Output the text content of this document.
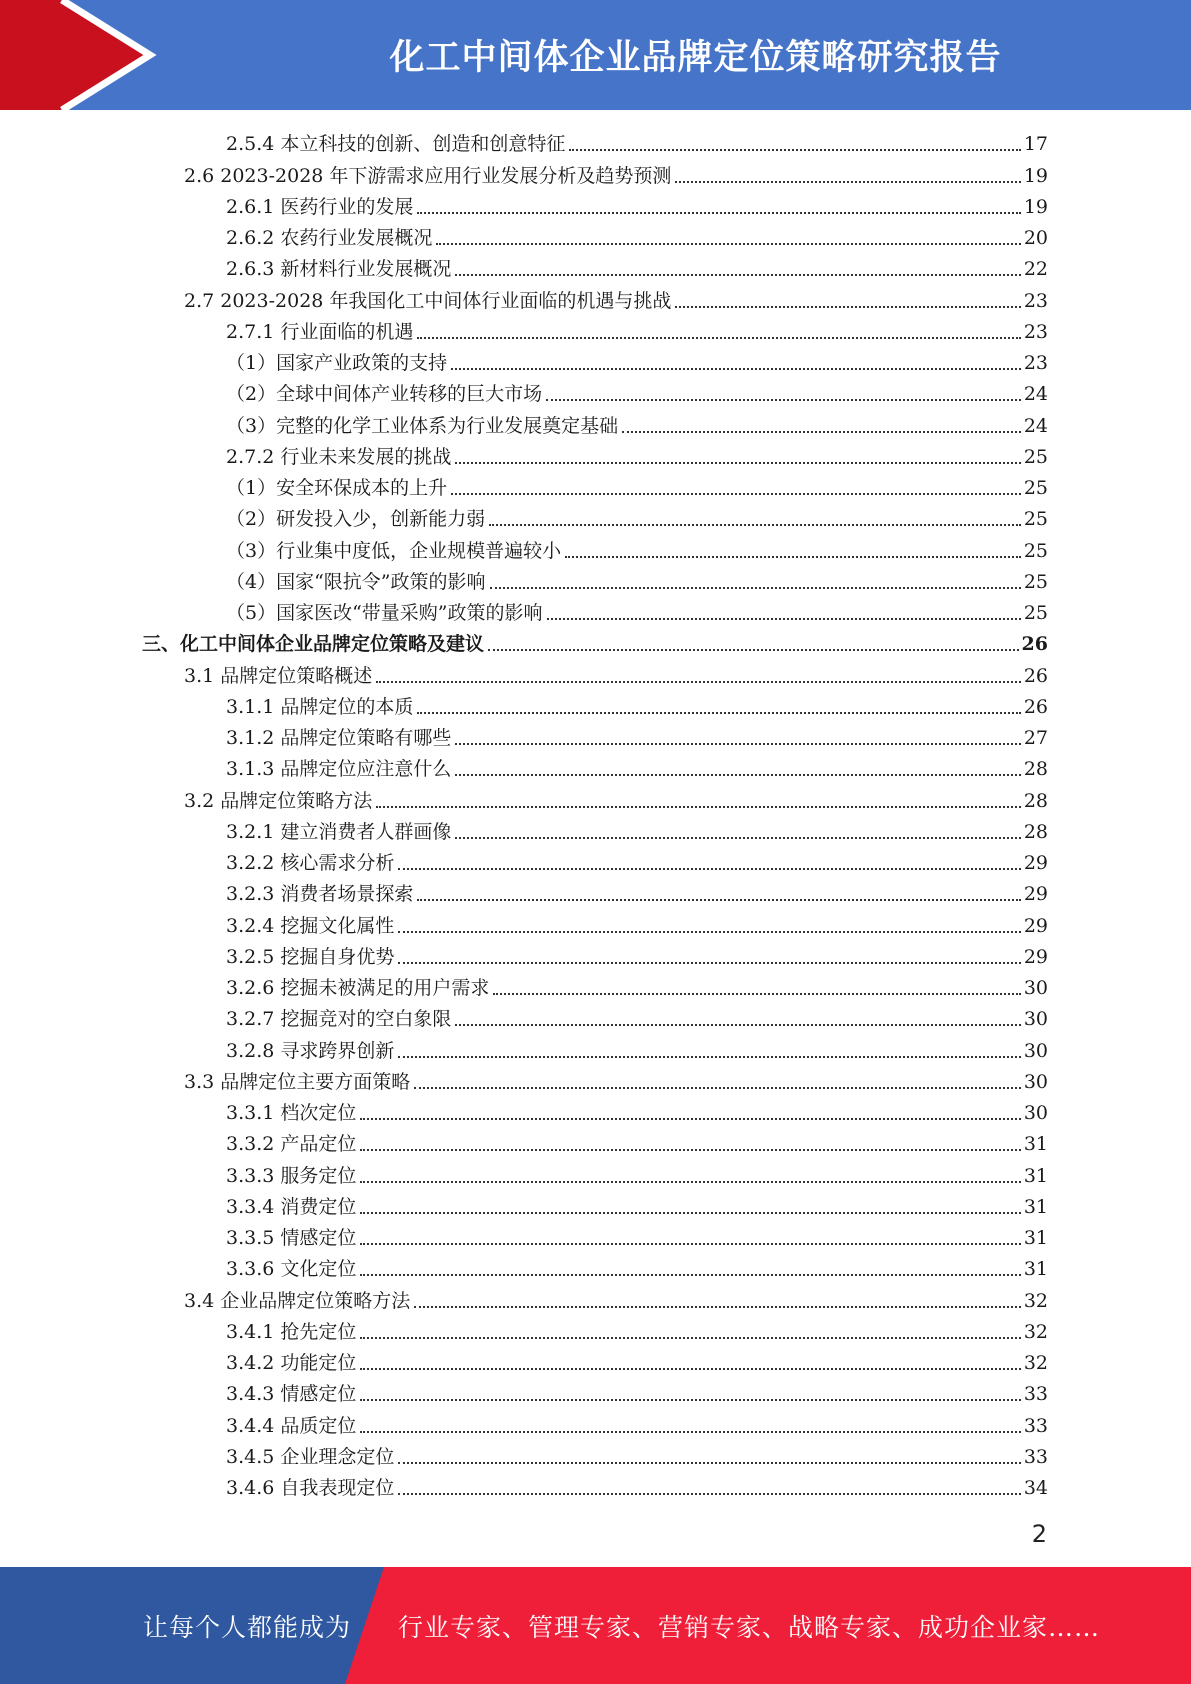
化工中间体企业品牌定位策略研究报告
2.5.4 本立科技的创新、创造和创意特征	17
2.6 2023-2028 年下游需求应用行业发展分析及趋势预测	19
2.6.1 医药行业的发展	19
2.6.2 农药行业发展概况	20
2.6.3 新材料行业发展概况	22
2.7 2023-2028 年我国化工中间体行业面临的机遇与挑战	23
2.7.1 行业面临的机遇	23
（1）国家产业政策的支持	23
（2）全球中间体产业转移的巨大市场	24
（3）完整的化学工业体系为行业发展奠定基础	24
2.7.2 行业未来发展的挑战	25
（1）安全环保成本的上升	25
（2）研发投入少，创新能力弱	25
（3）行业集中度低，企业规模普遍较小	25
（4）国家“限抗令”政策的影响	25
（5）国家医改“带量采购”政策的影响	25
三、化工中间体企业品牌定位策略及建议	26
3.1 品牌定位策略概述	26
3.1.1 品牌定位的本质	26
3.1.2 品牌定位策略有哪些	27
3.1.3 品牌定位应注意什么	28
3.2 品牌定位策略方法	28
3.2.1 建立消费者人群画像	28
3.2.2 核心需求分析	29
3.2.3 消费者场景探索	29
3.2.4 挖掘文化属性	29
3.2.5 挖掘自身优势	29
3.2.6 挖掘未被满足的用户需求	30
3.2.7 挖掘竞对的空白象限	30
3.2.8 寻求跨界创新	30
3.3 品牌定位主要方面策略	30
3.3.1 档次定位	30
3.3.2 产品定位	31
3.3.3 服务定位	31
3.3.4 消费定位	31
3.3.5 情感定位	31
3.3.6 文化定位	31
3.4 企业品牌定位策略方法	32
3.4.1 抢先定位	32
3.4.2 功能定位	32
3.4.3 情感定位	33
3.4.4 品质定位	33
3.4.5 企业理念定位	33
3.4.6 自我表现定位	34
2
让每个人都能成为 行业专家、管理专家、营销专家、战略专家、成功企业家……
